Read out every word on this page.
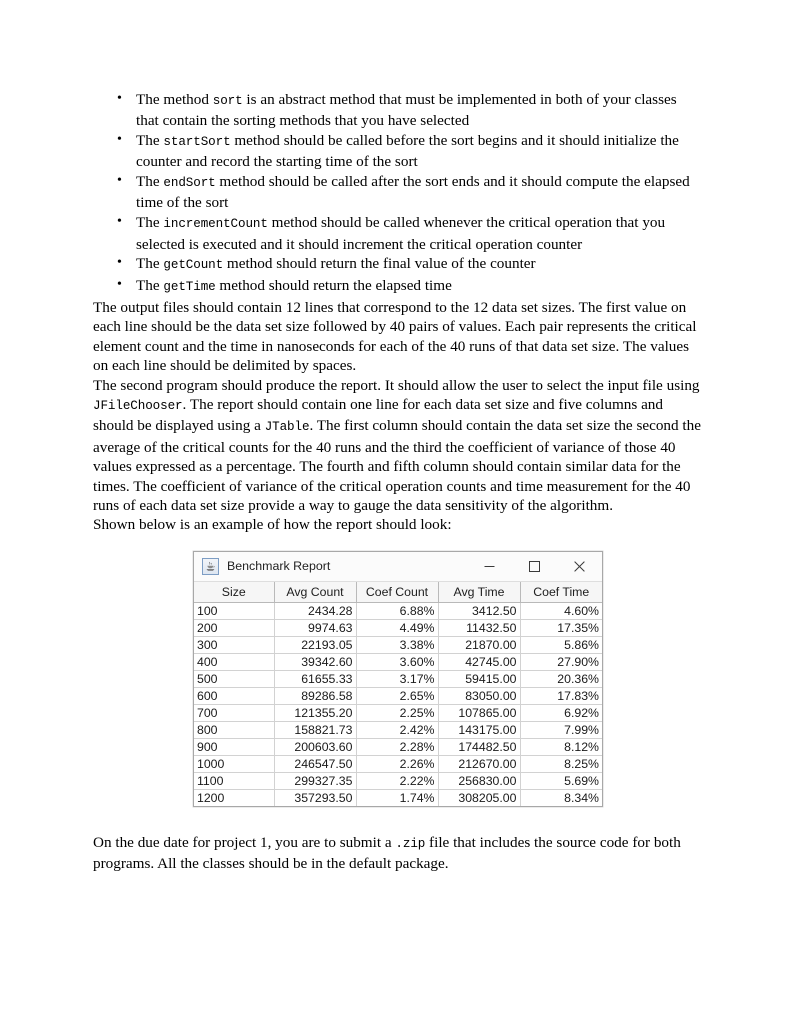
• The method sort is an abstract method that must be implemented in both of your classes that contain the sorting methods that you have selected
• The startSort method should be called before the sort begins and it should initialize the counter and record the starting time of the sort
• The endSort method should be called after the sort ends and it should compute the elapsed time of the sort
• The incrementCount method should be called whenever the critical operation that you selected is executed and it should increment the critical operation counter
• The getCount method should return the final value of the counter
• The getTime method should return the elapsed time

The output files should contain 12 lines that correspond to the 12 data set sizes. The first value on each line should be the data set size followed by 40 pairs of values. Each pair represents the critical element count and the time in nanoseconds for each of the 40 runs of that data set size. The values on each line should be delimited by spaces.

The second program should produce the report. It should allow the user to select the input file using JFileChooser. The report should contain one line for each data set size and five columns and should be displayed using a JTable. The first column should contain the data set size the second the average of the critical counts for the 40 runs and the third the coefficient of variance of those 40 values expressed as a percentage. The fourth and fifth column should contain similar data for the times. The coefficient of variance of the critical operation counts and time measurement for the 40 runs of each data set size provide a way to gauge the data sensitivity of the algorithm.

Shown below is an example of how the report should look:

Benchmark Report
Size	Avg Count	Coef Count	Avg Time	Coef Time
100	2434.28	6.88%	3412.50	4.60%
200	9974.63	4.49%	11432.50	17.35%
300	22193.05	3.38%	21870.00	5.86%
400	39342.60	3.60%	42745.00	27.90%
500	61655.33	3.17%	59415.00	20.36%
600	89286.58	2.65%	83050.00	17.83%
700	121355.20	2.25%	107865.00	6.92%
800	158821.73	2.42%	143175.00	7.99%
900	200603.60	2.28%	174482.50	8.12%
1000	246547.50	2.26%	212670.00	8.25%
1100	299327.35	2.22%	256830.00	5.69%
1200	357293.50	1.74%	308205.00	8.34%

On the due date for project 1, you are to submit a .zip file that includes the source code for both programs. All the classes should be in the default package.
